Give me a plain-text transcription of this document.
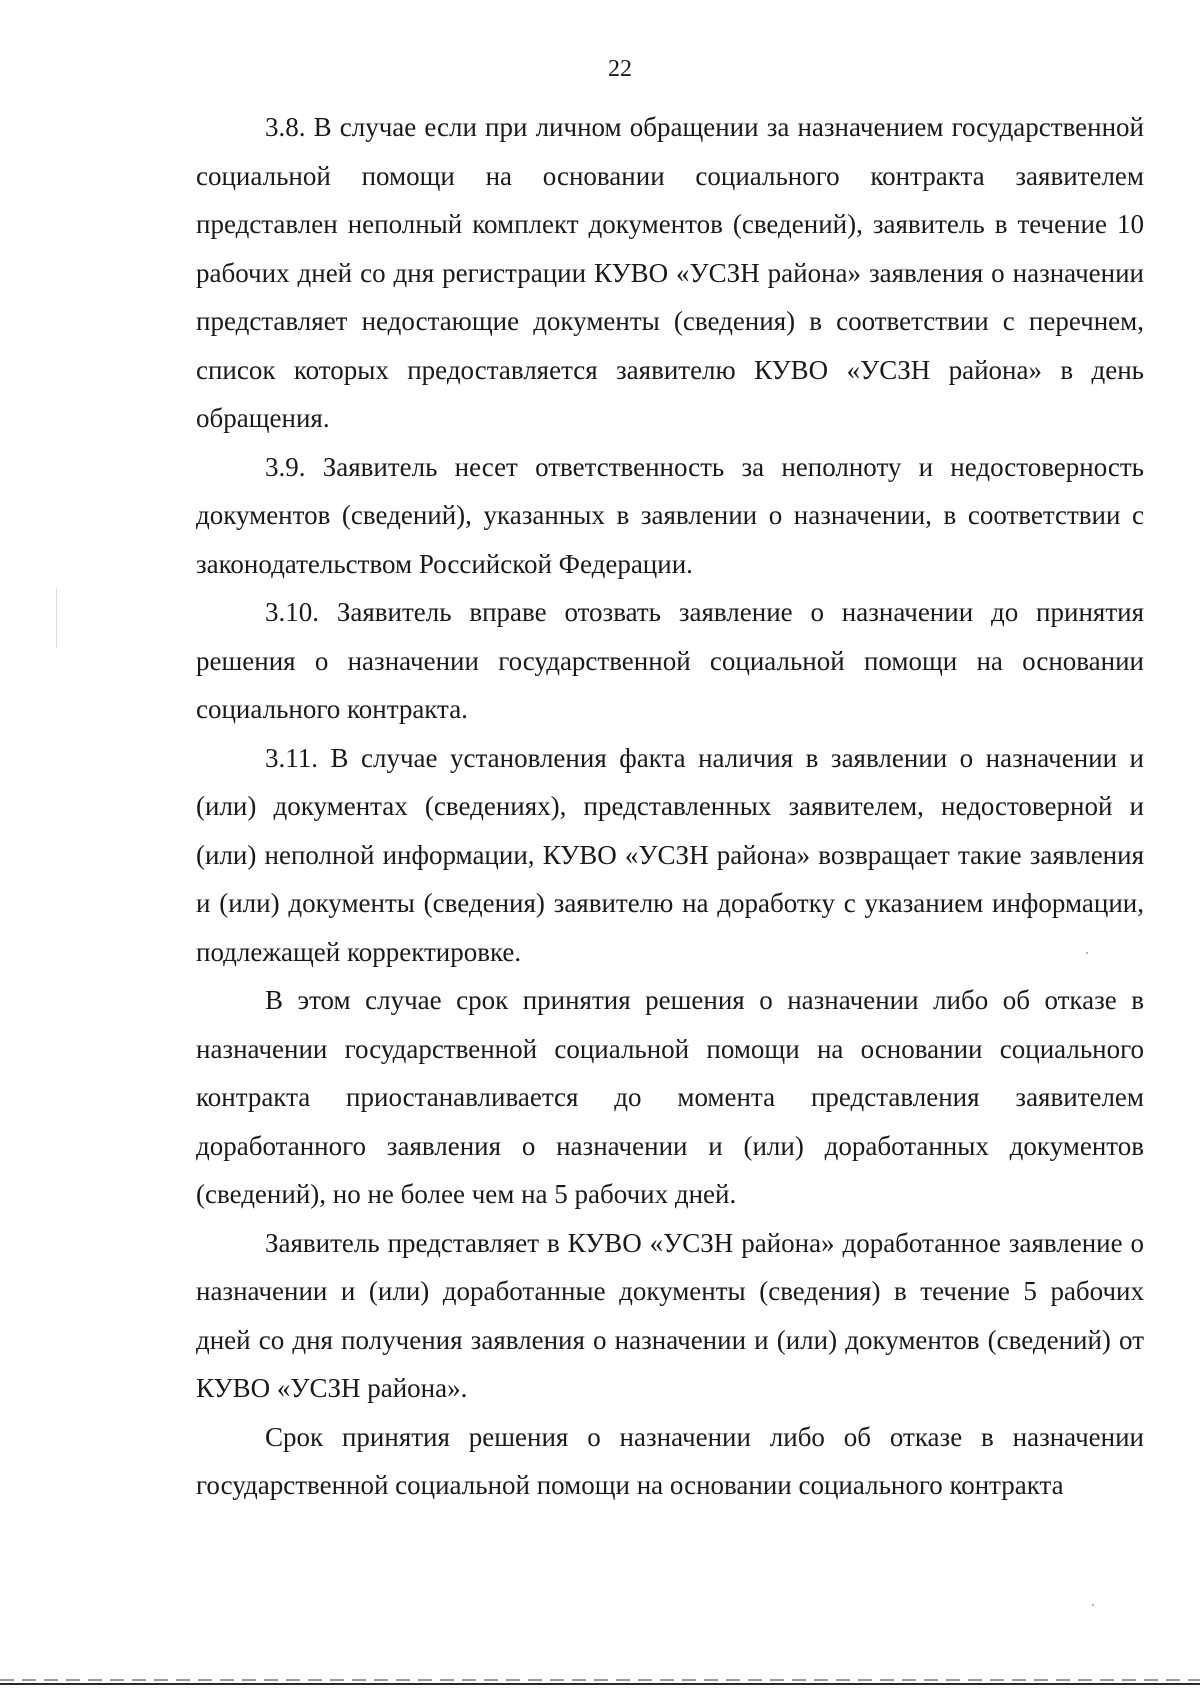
22

3.8. В случае если при личном обращении за назначением государственной социальной помощи на основании социального контракта заявителем представлен неполный комплект документов (сведений), заявитель в течение 10 рабочих дней со дня регистрации КУВО «УСЗН района» заявления о назначении представляет недостающие документы (сведения) в соответствии с перечнем, список которых предоставляется заявителю КУВО «УСЗН района» в день обращения.

3.9. Заявитель несет ответственность за неполноту и недостоверность документов (сведений), указанных в заявлении о назначении, в соответствии с законодательством Российской Федерации.

3.10. Заявитель вправе отозвать заявление о назначении до принятия решения о назначении государственной социальной помощи на основании социального контракта.

3.11. В случае установления факта наличия в заявлении о назначении и (или) документах (сведениях), представленных заявителем, недостоверной и (или) неполной информации, КУВО «УСЗН района» возвращает такие заявления и (или) документы (сведения) заявителю на доработку с указанием информации, подлежащей корректировке.

В этом случае срок принятия решения о назначении либо об отказе в назначении государственной социальной помощи на основании социального контракта приостанавливается до момента представления заявителем доработанного заявления о назначении и (или) доработанных документов (сведений), но не более чем на 5 рабочих дней.

Заявитель представляет в КУВО «УСЗН района» доработанное заявление о назначении и (или) доработанные документы (сведения) в течение 5 рабочих дней со дня получения заявления о назначении и (или) документов (сведений) от КУВО «УСЗН района».

Срок принятия решения о назначении либо об отказе в назначении государственной социальной помощи на основании социального контракта
